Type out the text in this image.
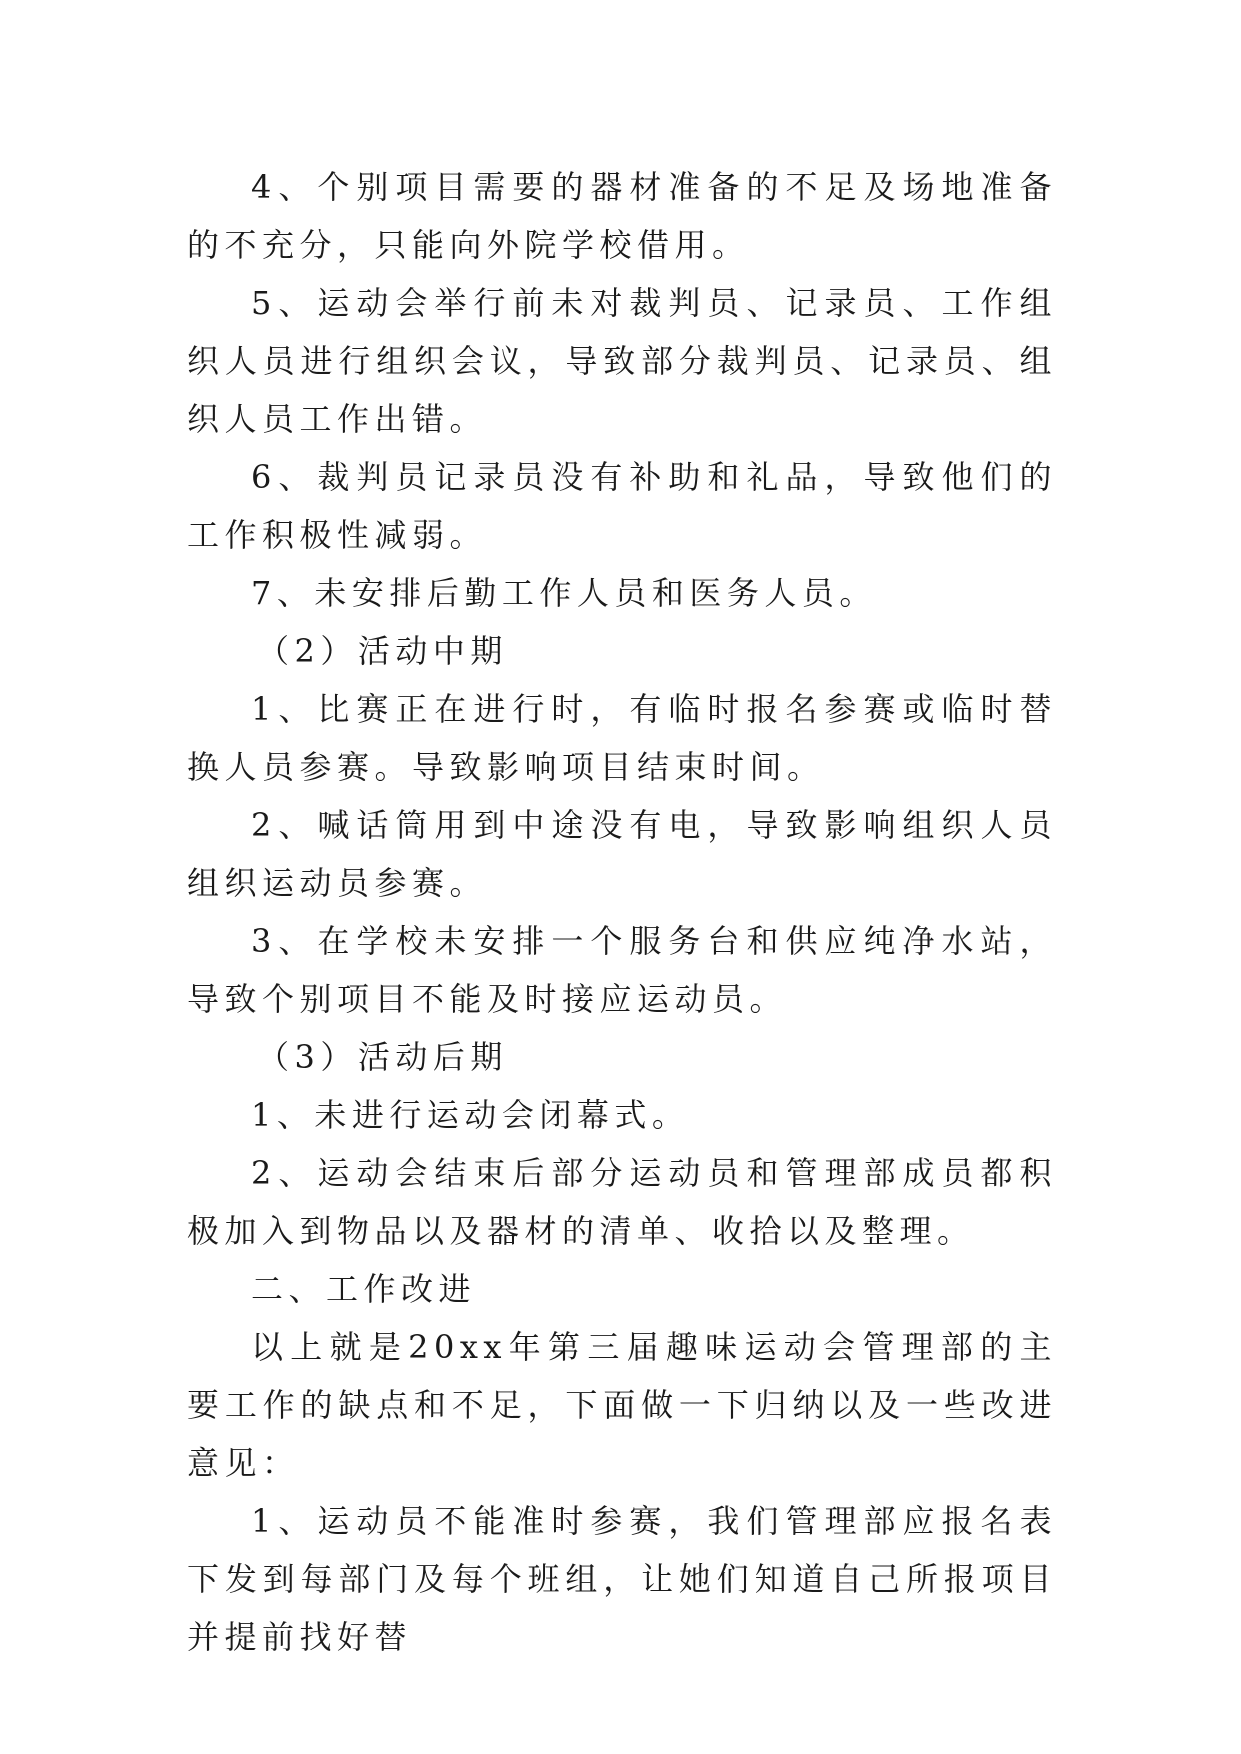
4、个别项目需要的器材准备的不足及场地准备的不充分，只能向外院学校借用。

5、运动会举行前未对裁判员、记录员、工作组织人员进行组织会议，导致部分裁判员、记录员、组织人员工作出错。

6、裁判员记录员没有补助和礼品，导致他们的工作积极性减弱。

7、未安排后勤工作人员和医务人员。

（2）活动中期

1、比赛正在进行时，有临时报名参赛或临时替换人员参赛。导致影响项目结束时间。

2、喊话筒用到中途没有电，导致影响组织人员组织运动员参赛。

3、在学校未安排一个服务台和供应纯净水站，导致个别项目不能及时接应运动员。

（3）活动后期

1、未进行运动会闭幕式。

2、运动会结束后部分运动员和管理部成员都积极加入到物品以及器材的清单、收拾以及整理。

二、工作改进

以上就是20xx年第三届趣味运动会管理部的主要工作的缺点和不足，下面做一下归纳以及一些改进意见：

1、运动员不能准时参赛，我们管理部应报名表下发到每部门及每个班组，让她们知道自己所报项目并提前找好替
